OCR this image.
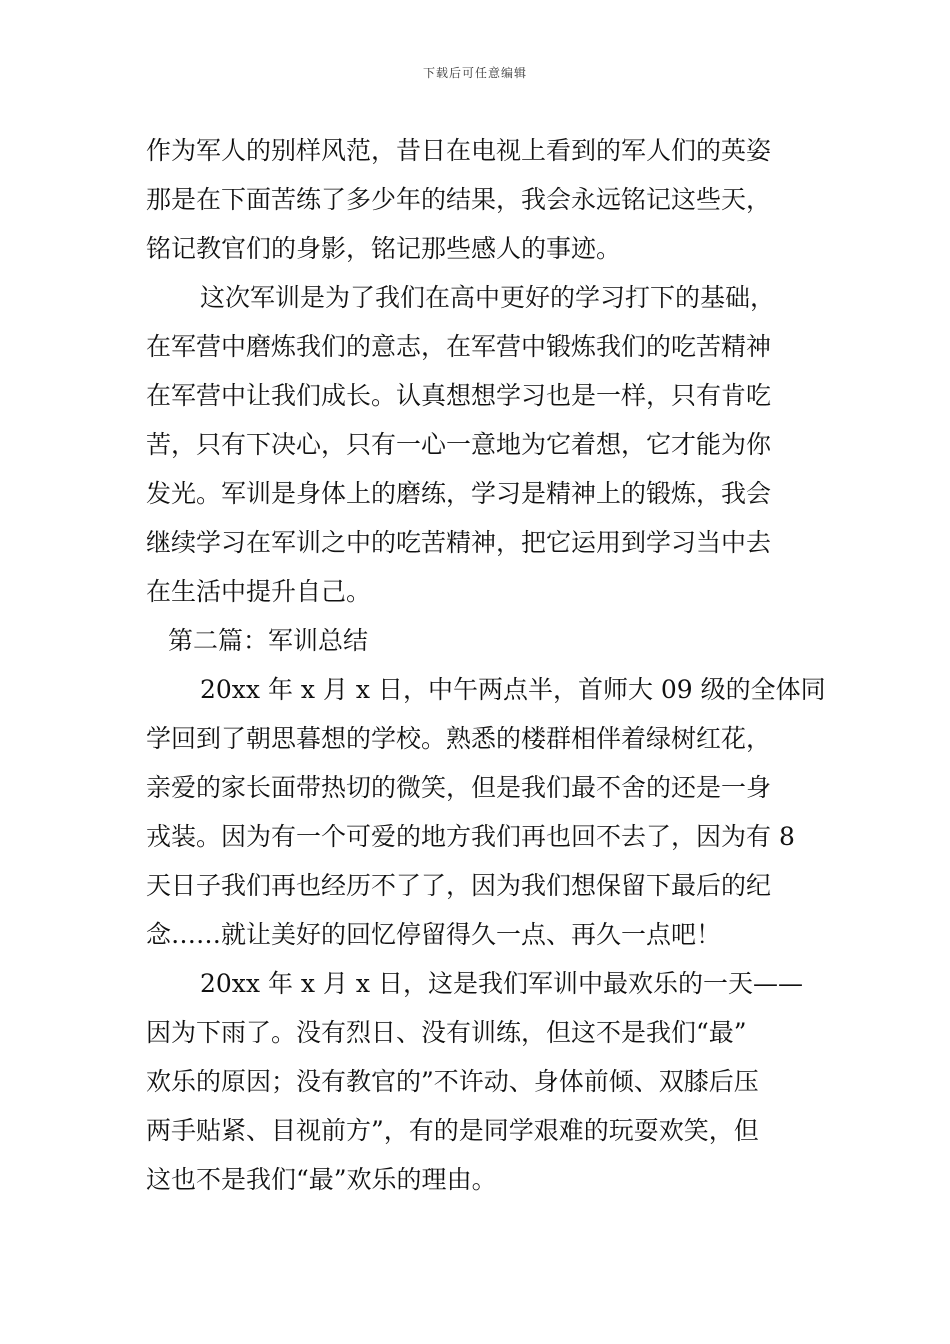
下载后可任意编辑
作为军人的别样风范，昔日在电视上看到的军人们的英姿
那是在下面苦练了多少年的结果，我会永远铭记这些天，
铭记教官们的身影，铭记那些感人的事迹。
这次军训是为了我们在高中更好的学习打下的基础，
在军营中磨炼我们的意志，在军营中锻炼我们的吃苦精神
在军营中让我们成长。认真想想学习也是一样，只有肯吃
苦，只有下决心，只有一心一意地为它着想，它才能为你
发光。军训是身体上的磨练，学习是精神上的锻炼，我会
继续学习在军训之中的吃苦精神，把它运用到学习当中去
在生活中提升自己。
第二篇：军训总结
20xx 年 x 月 x 日，中午两点半，首师大 09 级的全体同
学回到了朝思暮想的学校。熟悉的楼群相伴着绿树红花，
亲爱的家长面带热切的微笑，但是我们最不舍的还是一身
戎装。因为有一个可爱的地方我们再也回不去了，因为有 8
天日子我们再也经历不了了，因为我们想保留下最后的纪
念……就让美好的回忆停留得久一点、再久一点吧！
20xx 年 x 月 x 日，这是我们军训中最欢乐的一天——
因为下雨了。没有烈日、没有训练，但这不是我们“最”
欢乐的原因；没有教官的”不许动、身体前倾、双膝后压
两手贴紧、目视前方”，有的是同学艰难的玩耍欢笑，但
这也不是我们“最”欢乐的理由。
